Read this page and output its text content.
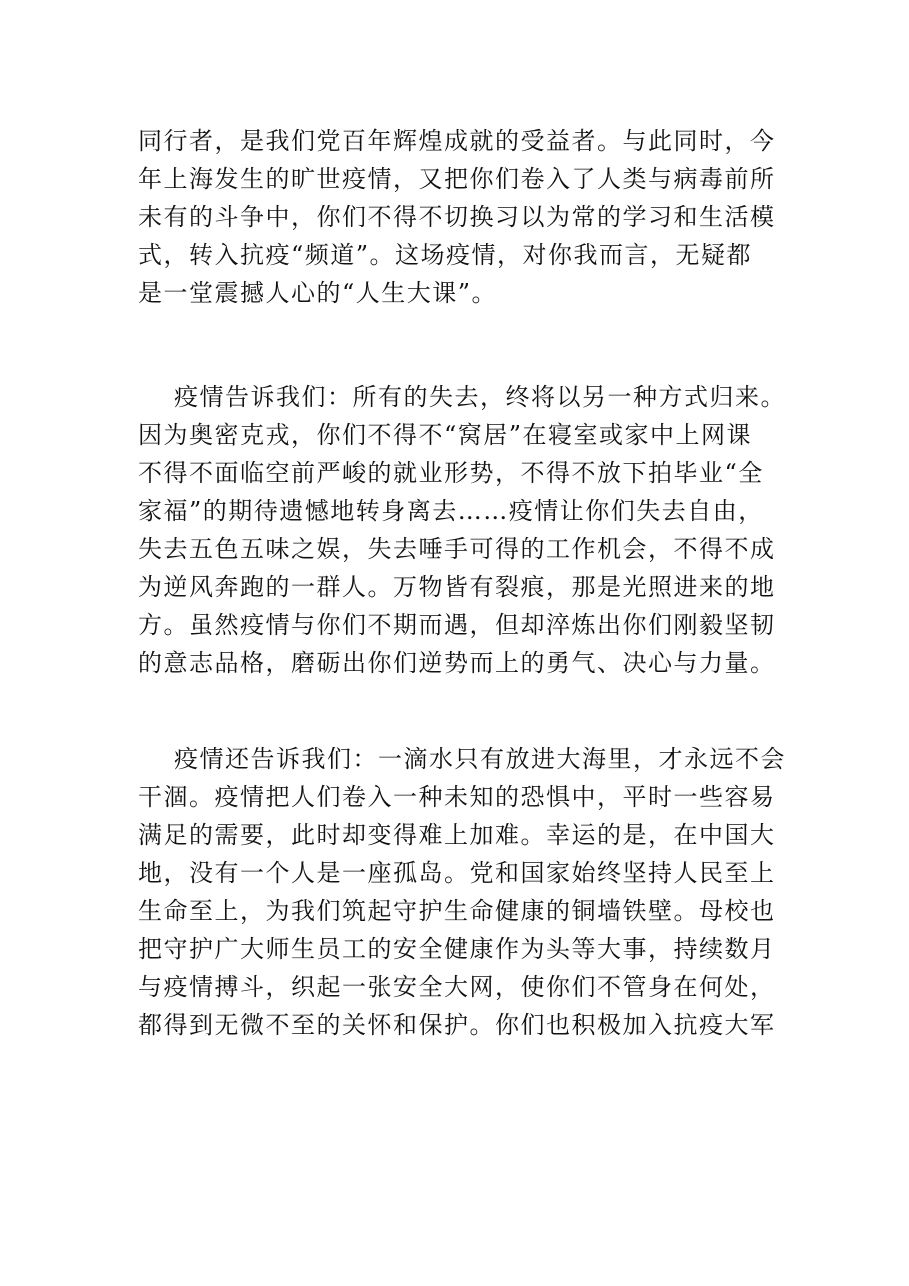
同行者，是我们党百年辉煌成就的受益者。与此同时，今
年上海发生的旷世疫情，又把你们卷入了人类与病毒前所
未有的斗争中，你们不得不切换习以为常的学习和生活模
式，转入抗疫“频道”。这场疫情，对你我而言，无疑都
是一堂震撼人心的“人生大课”。
疫情告诉我们：所有的失去，终将以另一种方式归来。
因为奥密克戎，你们不得不“窝居”在寝室或家中上网课
不得不面临空前严峻的就业形势，不得不放下拍毕业“全
家福”的期待遗憾地转身离去……疫情让你们失去自由，
失去五色五味之娱，失去唾手可得的工作机会，不得不成
为逆风奔跑的一群人。万物皆有裂痕，那是光照进来的地
方。虽然疫情与你们不期而遇，但却淬炼出你们刚毅坚韧
的意志品格，磨砺出你们逆势而上的勇气、决心与力量。
疫情还告诉我们：一滴水只有放进大海里，才永远不会
干涸。疫情把人们卷入一种未知的恐惧中，平时一些容易
满足的需要，此时却变得难上加难。幸运的是，在中国大
地，没有一个人是一座孤岛。党和国家始终坚持人民至上
生命至上，为我们筑起守护生命健康的铜墙铁壁。母校也
把守护广大师生员工的安全健康作为头等大事，持续数月
与疫情搏斗，织起一张安全大网，使你们不管身在何处，
都得到无微不至的关怀和保护。你们也积极加入抗疫大军
